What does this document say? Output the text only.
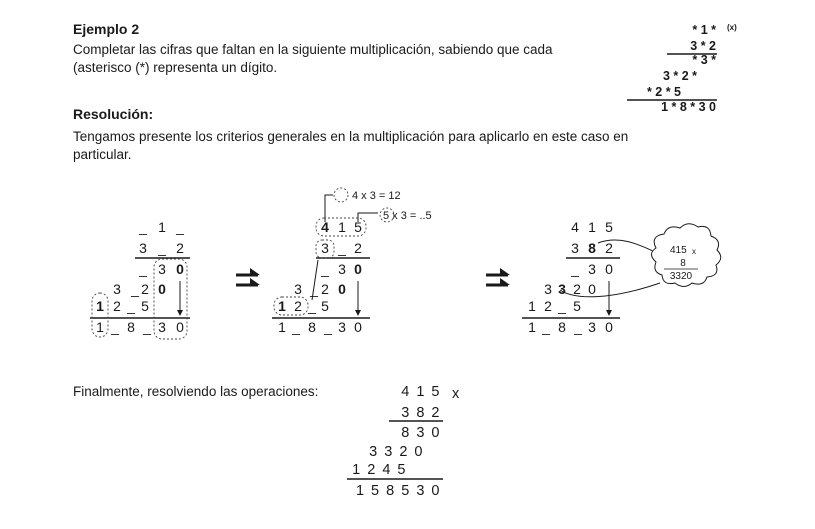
Ejemplo 2
Completar las cifras que faltan en la siguiente multiplicación, sabiendo que cada
(asterisco (*) representa un dígito.
Resolución:
Tengamos presente los criterios generales en la multiplicación para aplicarlo en este caso en
particular.
Finalmente, resolviendo las operaciones:
* 1 * (x)
3 * 2
* 3 *
3 * 2 *
* 2 * 5
1 * 8 * 3 0
_ 1 _
3 _ 2
_ 3 0
3 _ 2 0
1 2 _ 5
1 _ 8 _ 3 0
4 x 3 = 12
5 x 3 = ..5
4 1 5
3 _ 2
_ 3 0
3 _ 2 0
1 2 _ 5
1 _ 8 _ 3 0
4 1 5
3 8 2
_ 3 0
3 3 2 0
1 2 _ 5
1 _ 8 _ 3 0
415 x
8
3320
4 1 5 x
3 8 2
8 3 0
3 3 2 0
1 2 4 5
1 5 8 5 3 0
